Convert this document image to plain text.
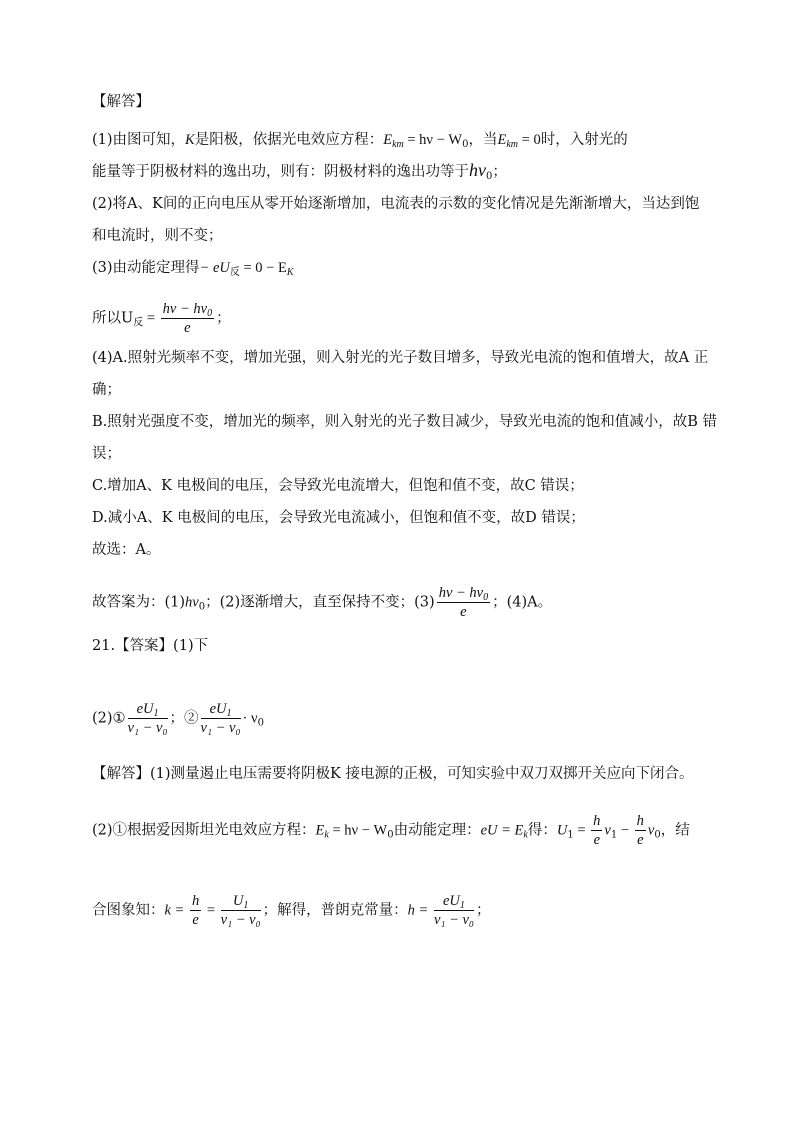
【解答】
(1)由图可知，K是阳极，依据光电效应方程：$E_{km} = h\nu - W_0$，当$E_{km} = 0$时，入射光的
能量等于阴极材料的逸出功，则有：阴极材料的逸出功等于$h\nu_0$；
(2)将A、K间的正向电压从零开始逐渐增加，电流表的示数的变化情况是先渐渐增大，当达到饱
和电流时，则不变；
(3)由动能定理得− $eU_反 = 0 - E_K$
所以$U_反 = \frac{h\nu - h\nu_0}{e}$ ；
(4)A.照射光频率不变，增加光强，则入射光的光子数目增多，导致光电流的饱和值增大，故A 正
确；
B.照射光强度不变，增加光的频率，则入射光的光子数目减少，导致光电流的饱和值减小，故B 错
误；
C.增加A、K 电极间的电压，会导致光电流增大，但饱和值不变，故C 错误；
D.减小A、K 电极间的电压，会导致光电流减小，但饱和值不变，故D 错误；
故选：A。
故答案为：$(1)h\nu_0$；(2)逐渐增大，直至保持不变；$(3) \frac{h\nu - h\nu_0}{e}$ ；(4)A。
21.【答案】(1)下
(2)① $\frac{eU_1}{\text{ν₁ − ν₀}}$ ；② $\frac{eU_1}{\text{ν₁ − ν₀}} \cdot \nu_0$
【解答】(1)测量遏止电压需要将阴极K 接电源的正极，可知实验中双刀双掷开关应向下闭合。
(2)①根据爱因斯坦光电效应方程：$E_k = h\nu - W_0$由动能定理：eU = $E_k$得：$U_1 = \frac{h}{e} \nu_1 - \frac{h}{e} \nu_0$，结
合图象知：$k = \frac{h}{e} = \frac{U_1}{\text{ν₁ − ν₀}}$ ；解得，普朗克常量：$h = \frac{eU_1}{\text{ν₁ − ν₀}}$ ；
